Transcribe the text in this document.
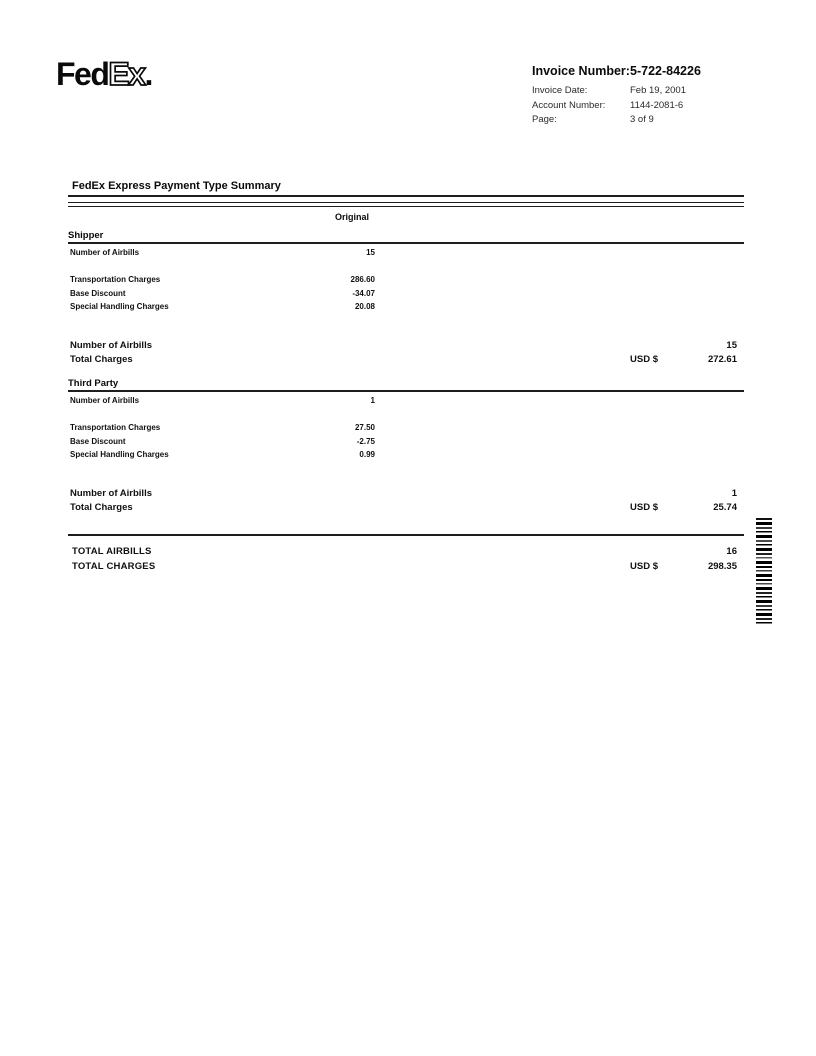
FedEx.	Invoice Number: 5-722-84226
Invoice Date:	Feb 19, 2001
Account Number:	1144-2081-6
Page:	3 of 9
FedEx Express Payment Type Summary
Original
Shipper
Number of Airbills	15
Transportation Charges	286.60
Base Discount	-34.07
Special Handling Charges	20.08
Number of Airbills	15
Total Charges	USD $	272.61
Third Party
Number of Airbills	1
Transportation Charges	27.50
Base Discount	-2.75
Special Handling Charges	0.99
Number of Airbills	1
Total Charges	USD $	25.74
TOTAL AIRBILLS	16
TOTAL CHARGES	USD $	298.35
